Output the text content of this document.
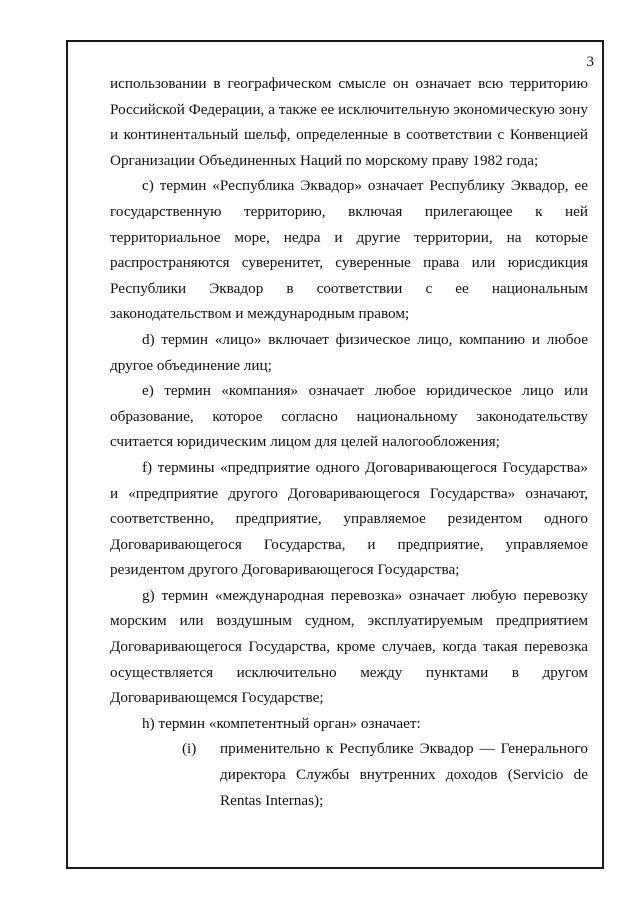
3

использовании в географическом смысле он означает всю территорию Российской Федерации, а также ее исключительную экономическую зону и континентальный шельф, определенные в соответствии с Конвенцией Организации Объединенных Наций по морскому праву 1982 года;

c) термин «Республика Эквадор» означает Республику Эквадор, ее государственную территорию, включая прилегающее к ней территориальное море, недра и другие территории, на которые распространяются суверенитет, суверенные права или юрисдикция Республики Эквадор в соответствии с ее национальным законодательством и международным правом;

d) термин «лицо» включает физическое лицо, компанию и любое другое объединение лиц;

e) термин «компания» означает любое юридическое лицо или образование, которое согласно национальному законодательству считается юридическим лицом для целей налогообложения;

f) термины «предприятие одного Договаривающегося Государства» и «предприятие другого Договаривающегося Государства» означают, соответственно, предприятие, управляемое резидентом одного Договаривающегося Государства, и предприятие, управляемое резидентом другого Договаривающегося Государства;

g) термин «международная перевозка» означает любую перевозку морским или воздушным судном, эксплуатируемым предприятием Договаривающегося Государства, кроме случаев, когда такая перевозка осуществляется исключительно между пунктами в другом Договаривающемся Государстве;

h) термин «компетентный орган» означает:

(i)	применительно к Республике Эквадор — Генерального директора Службы внутренних доходов (Servicio de Rentas Internas);
